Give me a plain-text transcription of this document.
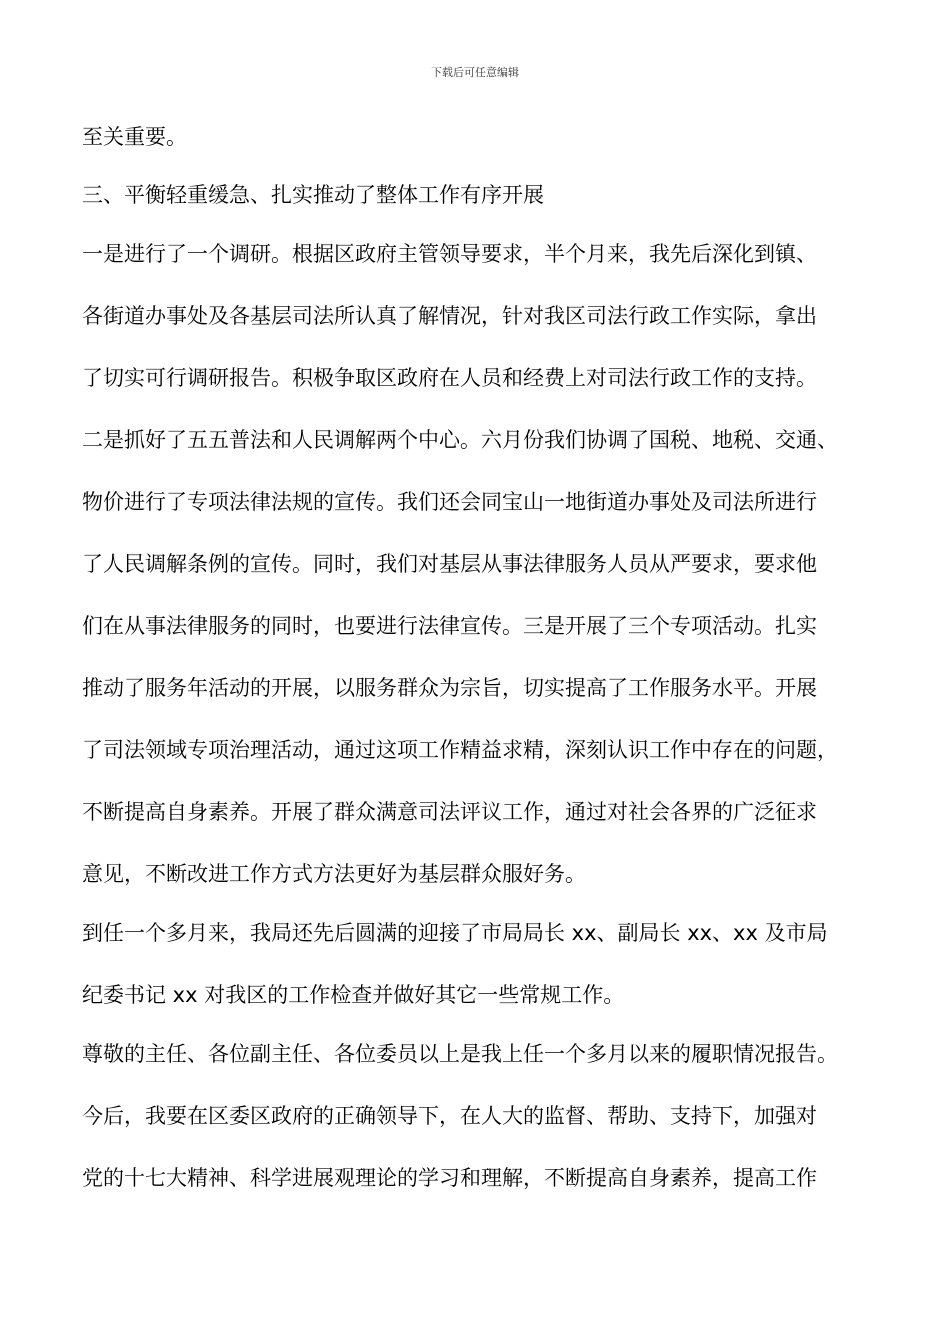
下载后可任意编辑
至关重要。
三、平衡轻重缓急、扎实推动了整体工作有序开展
一是进行了一个调研。根据区政府主管领导要求，半个月来，我先后深化到镇、
各街道办事处及各基层司法所认真了解情况，针对我区司法行政工作实际，拿出
了切实可行调研报告。积极争取区政府在人员和经费上对司法行政工作的支持。
二是抓好了五五普法和人民调解两个中心。六月份我们协调了国税、地税、交通、
物价进行了专项法律法规的宣传。我们还会同宝山一地街道办事处及司法所进行
了人民调解条例的宣传。同时，我们对基层从事法律服务人员从严要求，要求他
们在从事法律服务的同时，也要进行法律宣传。三是开展了三个专项活动。扎实
推动了服务年活动的开展，以服务群众为宗旨，切实提高了工作服务水平。开展
了司法领域专项治理活动，通过这项工作精益求精，深刻认识工作中存在的问题，
不断提高自身素养。开展了群众满意司法评议工作，通过对社会各界的广泛征求
意见，不断改进工作方式方法更好为基层群众服好务。
到任一个多月来，我局还先后圆满的迎接了市局局长 xx、副局长 xx、xx 及市局
纪委书记 xx 对我区的工作检查并做好其它一些常规工作。
尊敬的主任、各位副主任、各位委员以上是我上任一个多月以来的履职情况报告。
今后，我要在区委区政府的正确领导下，在人大的监督、帮助、支持下，加强对
党的十七大精神、科学进展观理论的学习和理解，不断提高自身素养，提高工作
